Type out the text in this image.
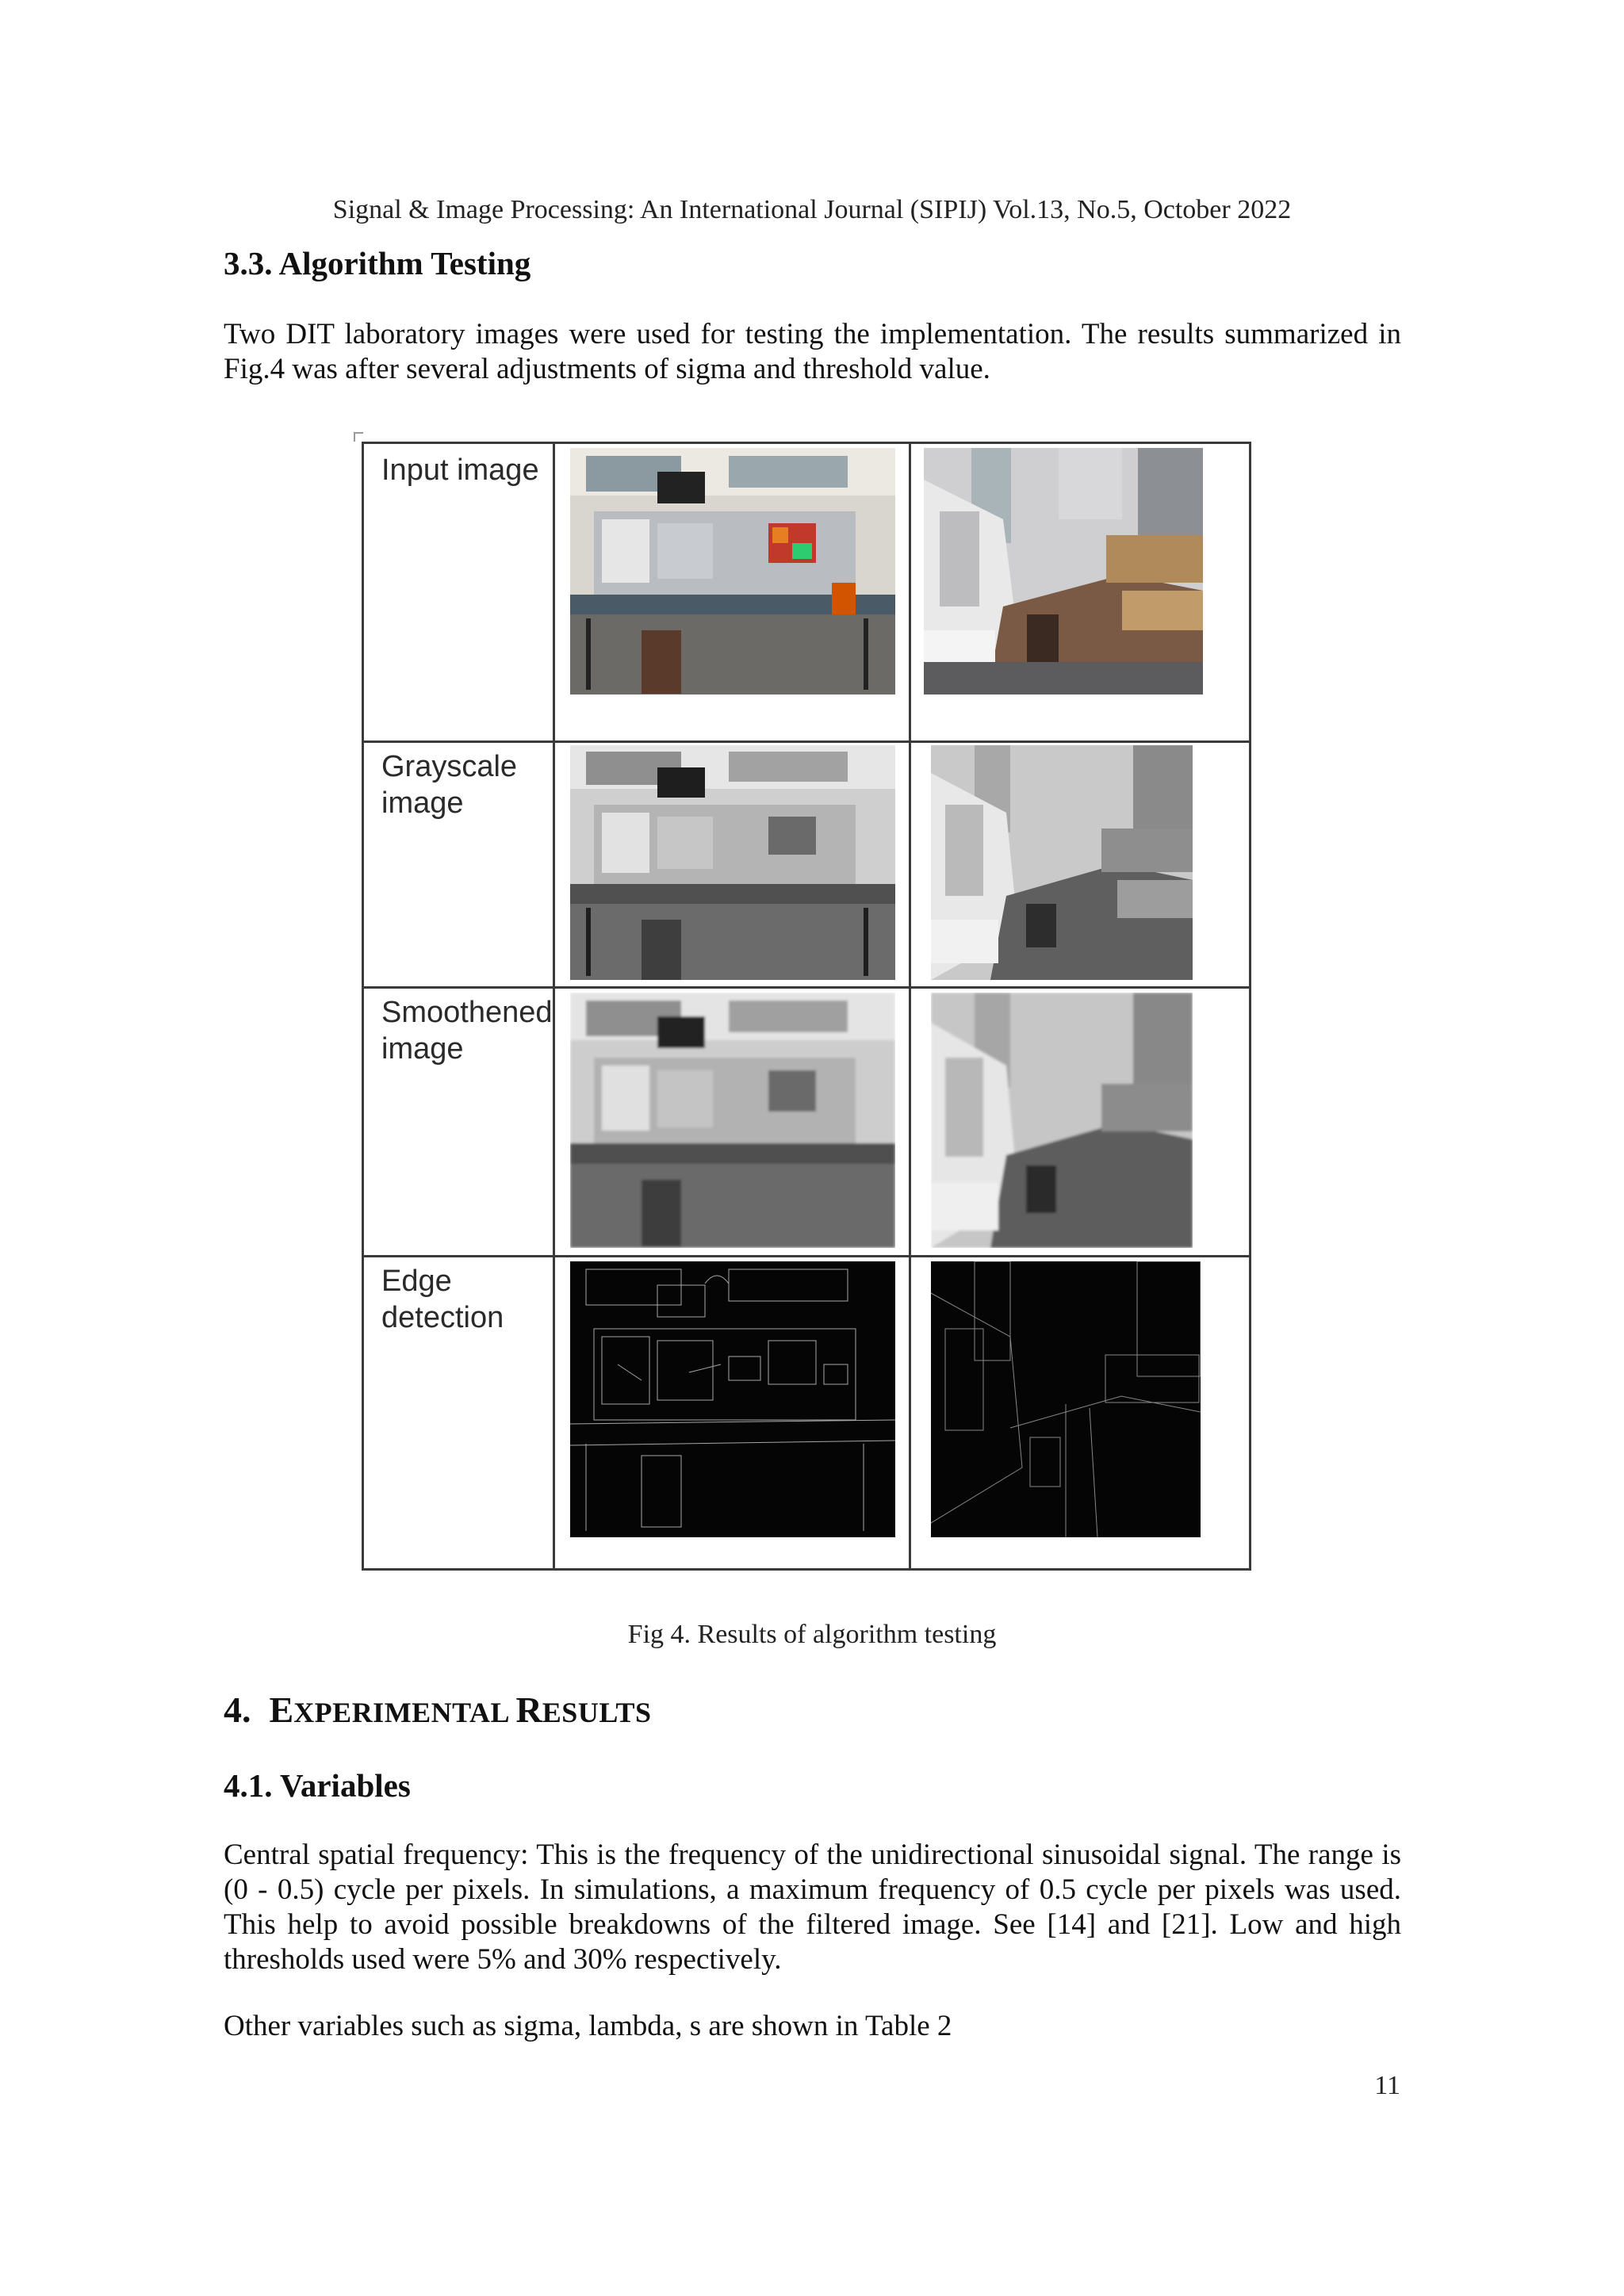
Signal & Image Processing: An International Journal (SIPIJ) Vol.13, No.5, October 2022
3.3. Algorithm Testing
Two DIT laboratory images were used for testing the implementation. The results summarized in Fig.4 was after several adjustments of sigma and threshold value.
Input image
Grayscale image
Smoothened image
Edge detection
Fig 4. Results of algorithm testing
4. EXPERIMENTAL RESULTS
4.1. Variables
Central spatial frequency: This is the frequency of the unidirectional sinusoidal signal. The range is (0 - 0.5) cycle per pixels. In simulations, a maximum frequency of 0.5 cycle per pixels was used. This help to avoid possible breakdowns of the filtered image. See [14] and [21]. Low and high thresholds used were 5% and 30% respectively.
Other variables such as sigma, lambda, s are shown in Table 2
11
